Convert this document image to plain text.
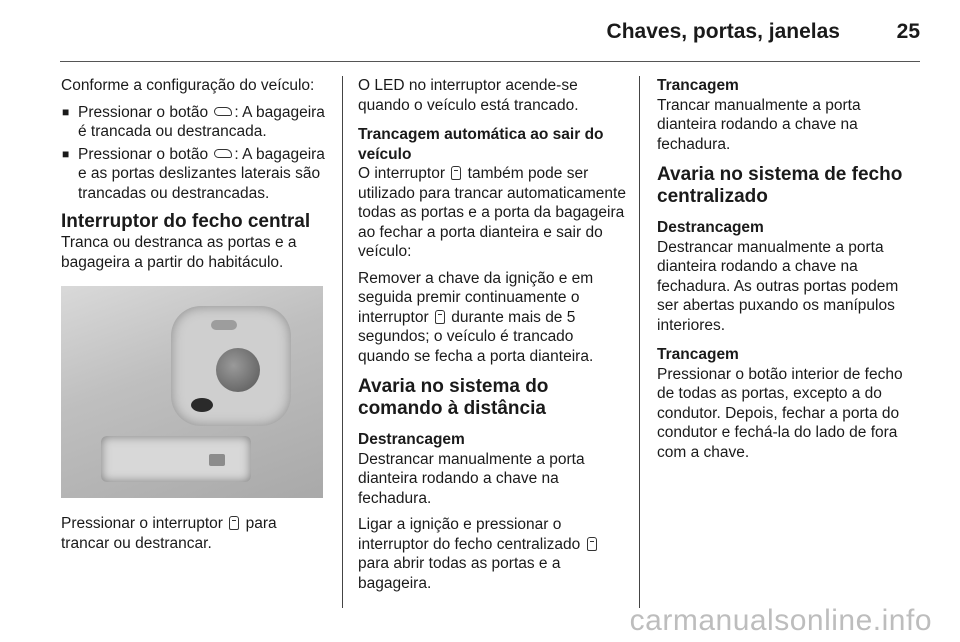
Chaves, portas, janelas	25

Conforme a configuração do veículo:

■ Pressionar o botão : A bagageira é trancada ou destrancada.
■ Pressionar o botão : A bagageira e as portas deslizantes laterais são trancadas ou destrancadas.
Interruptor do fecho central

Tranca ou destranca as portas e a bagageira a partir do habitáculo.

Pressionar o interruptor para trancar ou destrancar.

O LED no interruptor acende-se quando o veículo está trancado.

Trancagem automática ao sair do veículo

O interruptor também pode ser utilizado para trancar automaticamente todas as portas e a porta da bagageira ao fechar a porta dianteira e sair do veículo:

Remover a chave da ignição e em seguida premir continuamente o interruptor durante mais de 5 segundos; o veículo é trancado quando se fecha a porta dianteira.

Avaria no sistema do comando à distância
Destrancagem

Destrancar manualmente a porta dianteira rodando a chave na fechadura.

Ligar a ignição e pressionar o interruptor do fecho centralizado  para abrir todas as portas e a bagageira.

Trancagem

Trancar manualmente a porta dianteira rodando a chave na fechadura.

Avaria no sistema de fecho centralizado
Destrancagem

Destrancar manualmente a porta dianteira rodando a chave na fechadura. As outras portas podem ser abertas puxando os manípulos interiores.

Trancagem

Pressionar o botão interior de fecho de todas as portas, excepto a do condutor. Depois, fechar a porta do condutor e fechá-la do lado de fora com a chave.

carmanualsonline.info
